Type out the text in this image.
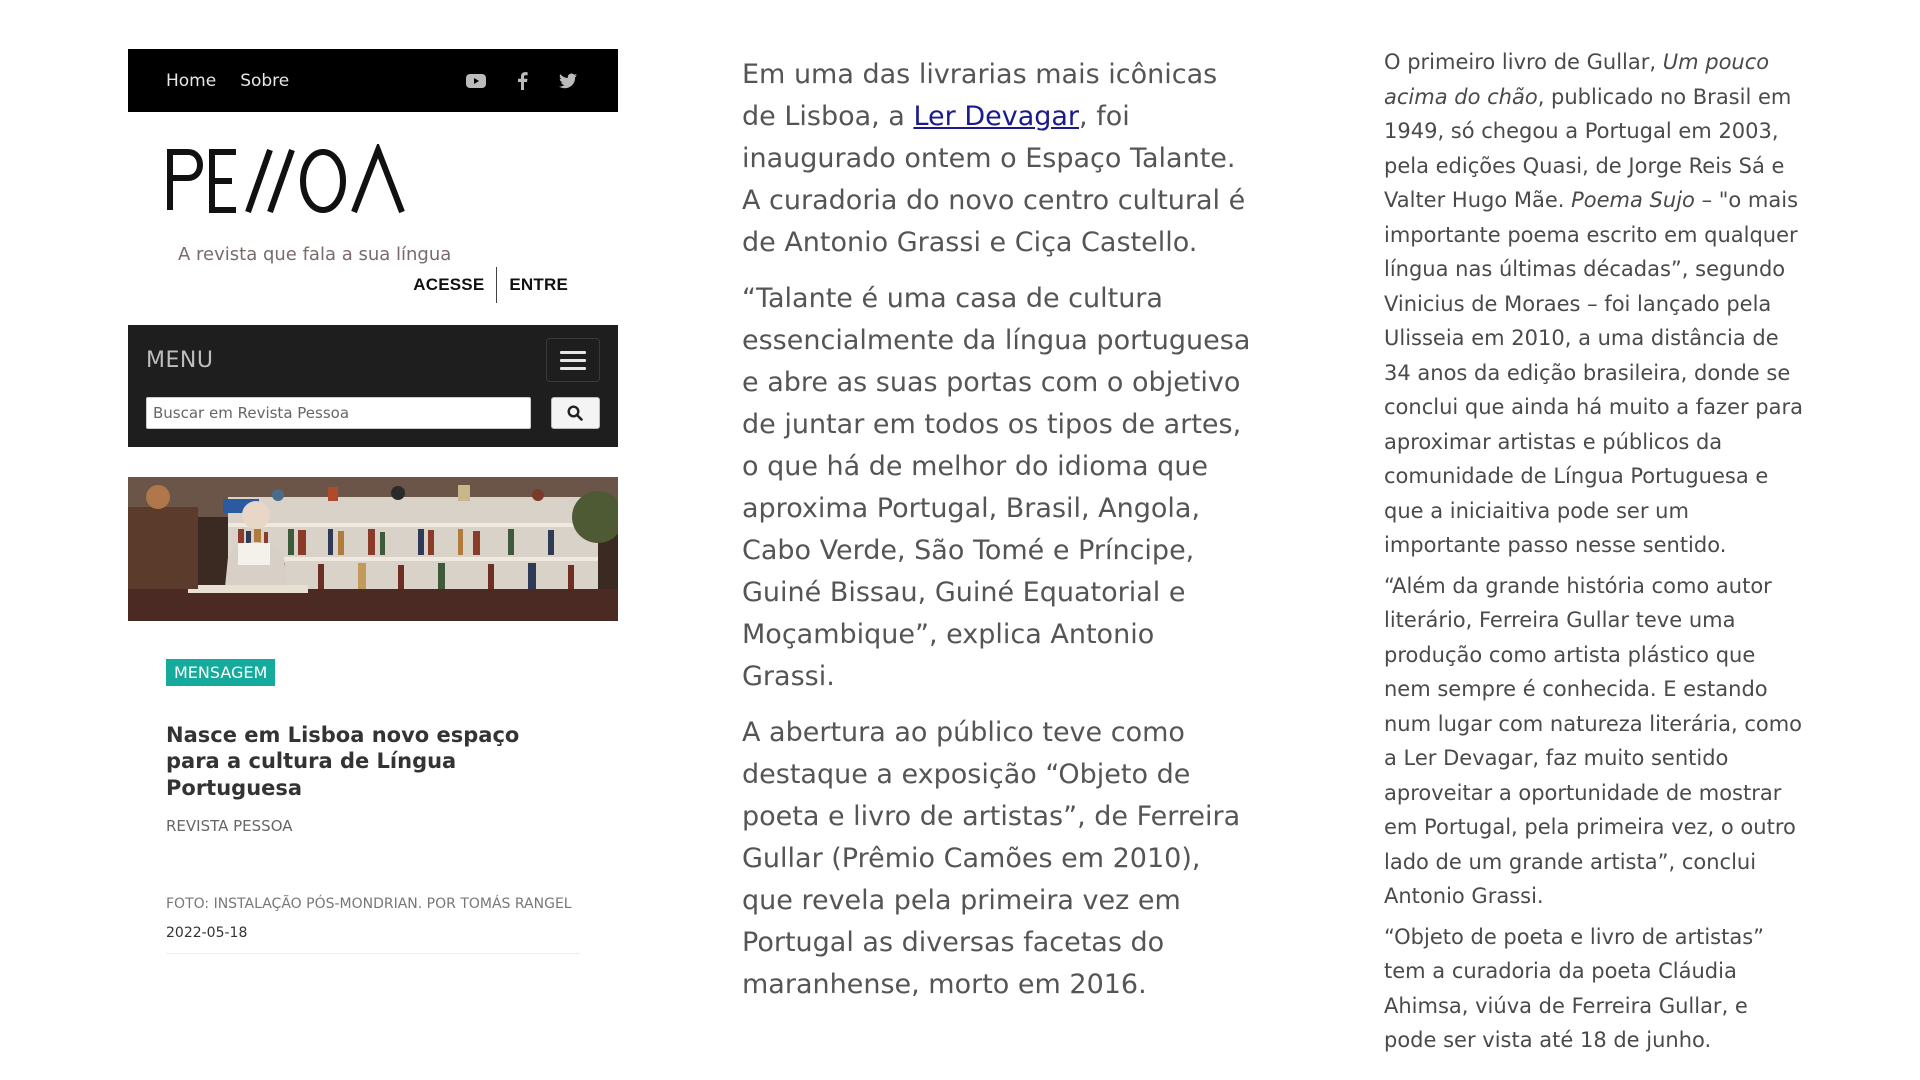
Home Sobre
A revista que fala a sua língua
ACESSE ENTRE
MENU
Buscar em Revista Pessoa
MENSAGEM
Nasce em Lisboa novo espaço para a cultura de Língua Portuguesa
REVISTA PESSOA
FOTO: INSTALAÇÃO PÓS-MONDRIAN. POR TOMÁS RANGEL
2022-05-18

Em uma das livrarias mais icônicas de Lisboa, a Ler Devagar, foi inaugurado ontem o Espaço Talante. A curadoria do novo centro cultural é de Antonio Grassi e Ciça Castello.

“Talante é uma casa de cultura essencialmente da língua portuguesa e abre as suas portas com o objetivo de juntar em todos os tipos de artes, o que há de melhor do idioma que aproxima Portugal, Brasil, Angola, Cabo Verde, São Tomé e Príncipe, Guiné Bissau, Guiné Equatorial e Moçambique”, explica Antonio Grassi.

A abertura ao público teve como destaque a exposição “Objeto de poeta e livro de artistas”, de Ferreira Gullar (Prêmio Camões em 2010), que revela pela primeira vez em Portugal as diversas facetas do maranhense, morto em 2016.

O primeiro livro de Gullar, Um pouco acima do chão, publicado no Brasil em 1949, só chegou a Portugal em 2003, pela edições Quasi, de Jorge Reis Sá e Valter Hugo Mãe. Poema Sujo – "o mais importante poema escrito em qualquer língua nas últimas décadas”, segundo Vinicius de Moraes – foi lançado pela Ulisseia em 2010, a uma distância de 34 anos da edição brasileira, donde se conclui que ainda há muito a fazer para aproximar artistas e públicos da comunidade de Língua Portuguesa e que a iniciaitiva pode ser um importante passo nesse sentido.

“Além da grande história como autor literário, Ferreira Gullar teve uma produção como artista plástico que nem sempre é conhecida. E estando num lugar com natureza literária, como a Ler Devagar, faz muito sentido aproveitar a oportunidade de mostrar em Portugal, pela primeira vez, o outro lado de um grande artista”, conclui Antonio Grassi.

“Objeto de poeta e livro de artistas” tem a curadoria da poeta Cláudia Ahimsa, viúva de Ferreira Gullar, e pode ser vista até 18 de junho.
